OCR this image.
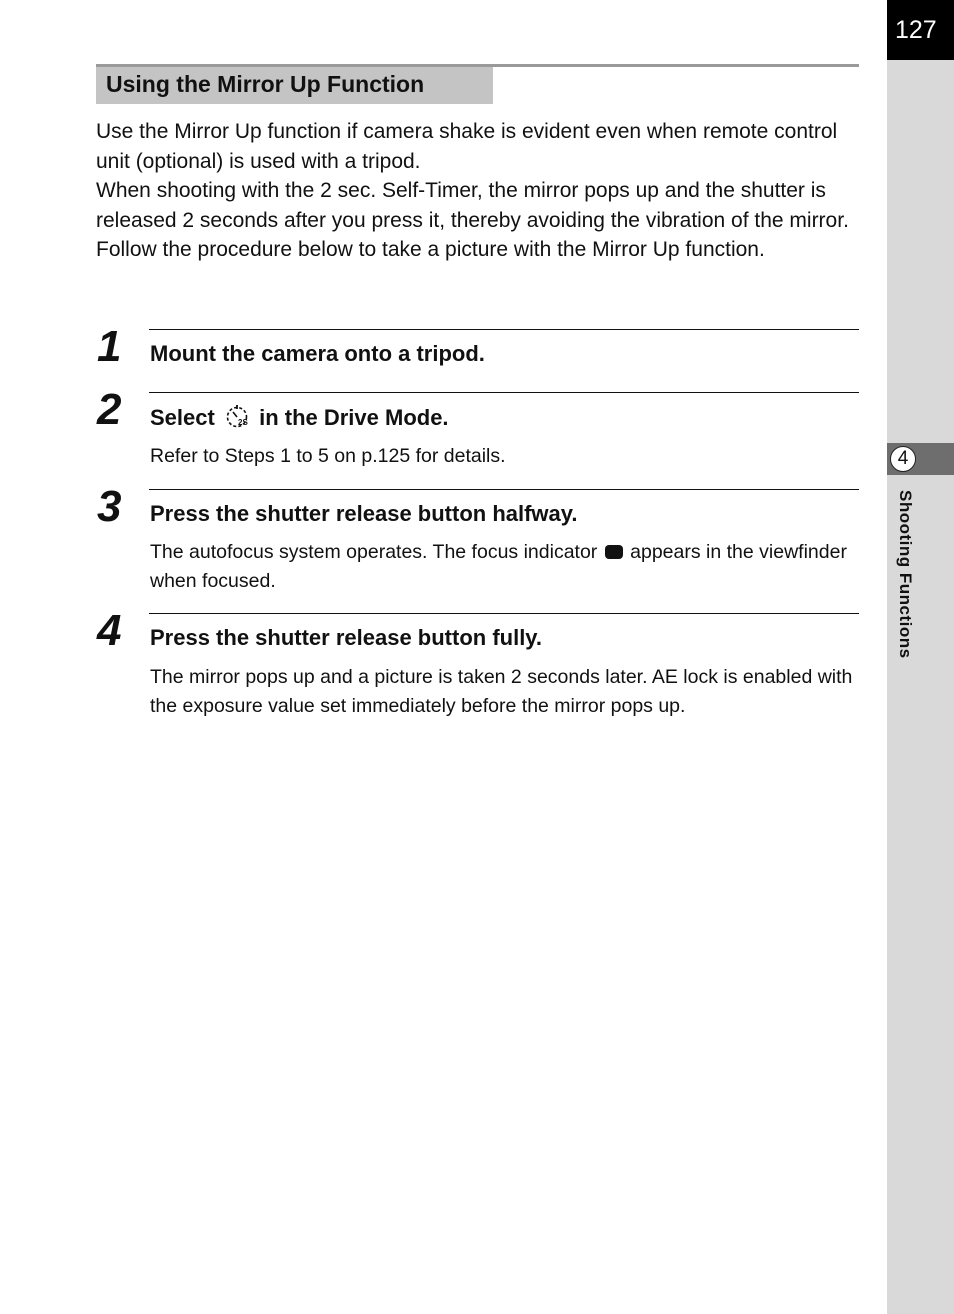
127
4
Shooting Functions
Using the Mirror Up Function

Use the Mirror Up function if camera shake is evident even when remote control unit (optional) is used with a tripod.

When shooting with the 2 sec. Self-Timer, the mirror pops up and the shutter is released 2 seconds after you press it, thereby avoiding the vibration of the mirror.

Follow the procedure below to take a picture with the Mirror Up function.

1 Mount the camera onto a tripod.
2 Select	2S in the Drive Mode.
Refer to Steps 1 to 5 on p.125 for details.
3 Press the shutter release button halfway.
The autofocus system operates. The focus indicator appears in the viewfinder when focused.
4 Press the shutter release button fully.
The mirror pops up and a picture is taken 2 seconds later. AE lock is enabled with the exposure value set immediately before the mirror pops up.
